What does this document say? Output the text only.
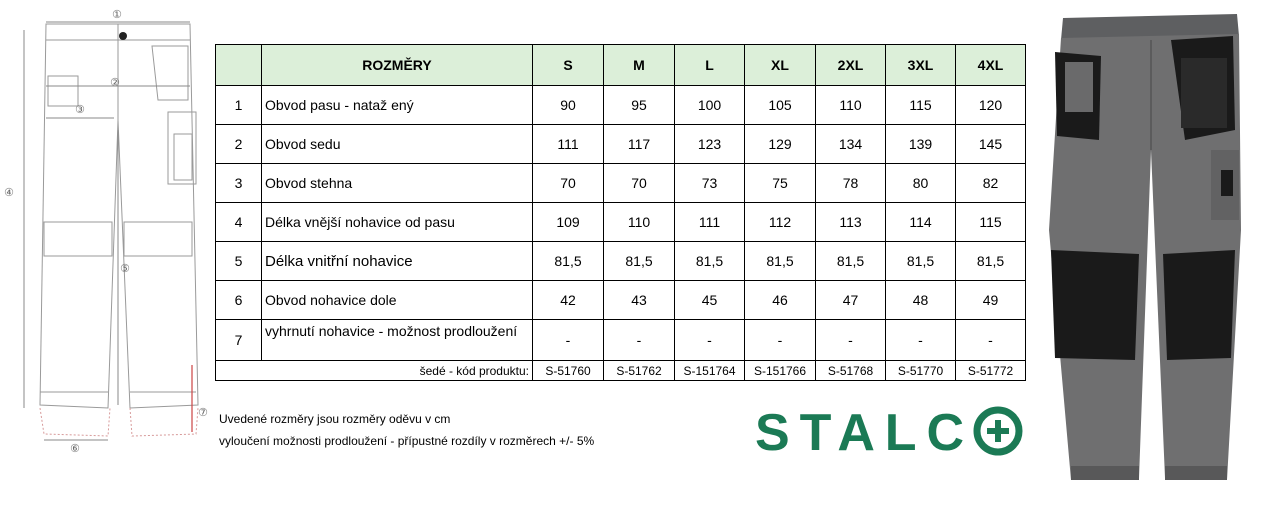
①
②
③
④
⑤
⑥
⑦
	ROZMĚRY	S	M	L	XL	2XL	3XL	4XL
1	Obvod pasu - nataž ený	90	95	100	105	110	115	120
2	Obvod sedu	111	117	123	129	134	139	145
3	Obvod stehna	70	70	73	75	78	80	82
4	Délka vnější nohavice od pasu	109	110	111	112	113	114	115
5	Délka vnitřní nohavice	81,5	81,5	81,5	81,5	81,5	81,5	81,5
6	Obvod nohavice dole	42	43	45	46	47	48	49
7	vyhrnutí nohavice - možnost prodloužení	-	-	-	-	-	-	-
šedé - kód produktu:		S-51760	S-51762	S-151764	S-151766	S-51768	S-51770	S-51772
Uvedené rozměry jsou rozměry oděvu v cm
vyloučení možnosti prodloužení - přípustné rozdíly v rozměrech +/- 5%	STALC
